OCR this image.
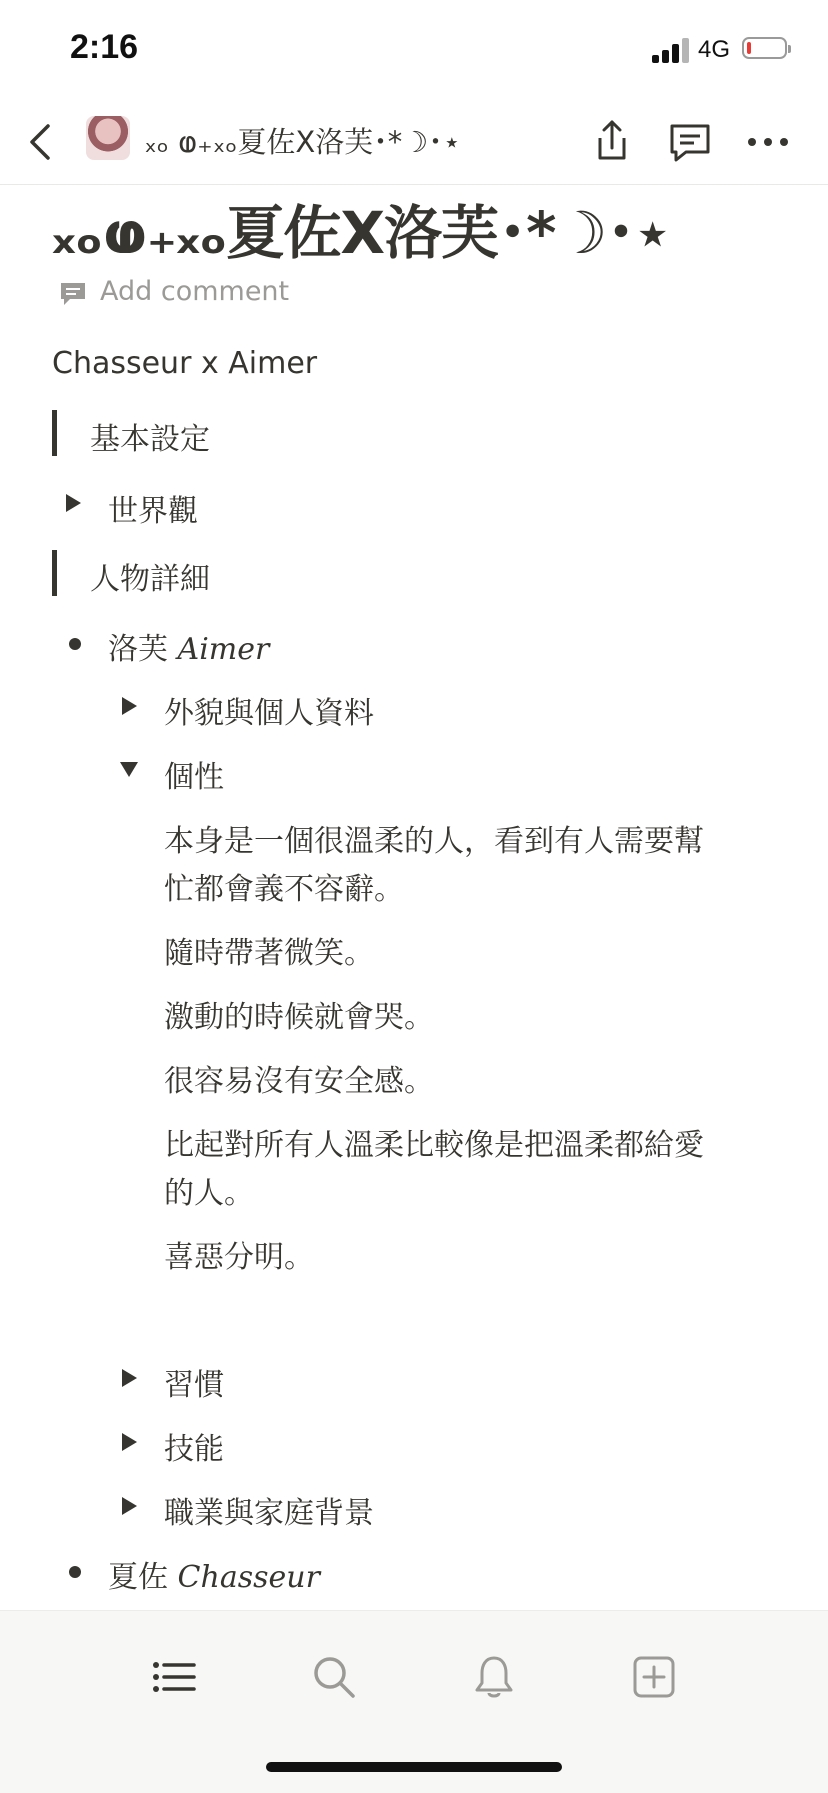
2:16	4G
ₓₒ ⱷ₊ₓₒ夏佐X洛芙･*☽･⋆
ₓₒⱷ₊ₓₒ夏佐X洛芙･*☽･⋆
Add comment
Chasseur x Aimer
基本設定
世界觀
人物詳細
洛芙 Aimer
外貌與個人資料
個性
本身是一個很溫柔的人，看到有人需要幫
忙都會義不容辭。
隨時帶著微笑。
激動的時候就會哭。
很容易沒有安全感。
比起對所有人溫柔比較像是把溫柔都給愛
的人。
喜惡分明。
習慣
技能
職業與家庭背景
夏佐 Chasseur
